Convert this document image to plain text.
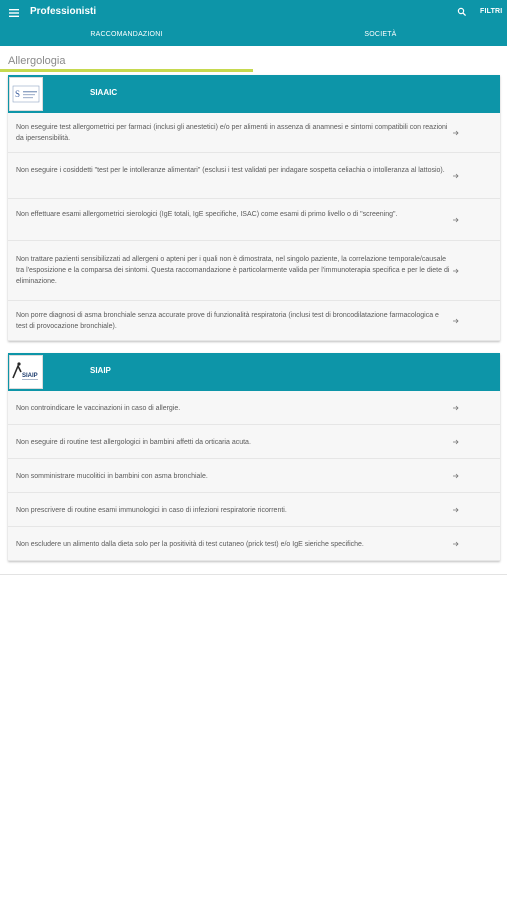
Professionisti	FILTRI
RACCOMANDAZIONI	SOCIETÀ
Allergologia
S	SIAAIC
Non eseguire test allergometrici per farmaci (inclusi gli anestetici) e/o per alimenti in assenza di anamnesi e sintomi compatibili con reazioni da ipersensibilità.
Non eseguire i cosiddetti "test per le intolleranze alimentari" (esclusi i test validati per indagare sospetta celiachia o intolleranza al lattosio).
Non effettuare esami allergometrici sierologici (IgE totali, IgE specifiche, ISAC) come esami di primo livello o di "screening".
Non trattare pazienti sensibilizzati ad allergeni o apteni per i quali non è dimostrata, nel singolo paziente, la correlazione temporale/causale tra l'esposizione e la comparsa dei sintomi. Questa raccomandazione è particolarmente valida per l'immunoterapia specifica e per le diete di eliminazione.
Non porre diagnosi di asma bronchiale senza accurate prove di funzionalità respiratoria (inclusi test di broncodilatazione farmacologica e test di provocazione bronchiale).
SIAIP
SIAIP
Non controindicare le vaccinazioni in caso di allergie.
Non eseguire di routine test allergologici in bambini affetti da orticaria acuta.
Non somministrare mucolitici in bambini con asma bronchiale.
Non prescrivere di routine esami immunologici in caso di infezioni respiratorie ricorrenti.
Non escludere un alimento dalla dieta solo per la positività di test cutaneo (prick test) e/o IgE sieriche specifiche.
